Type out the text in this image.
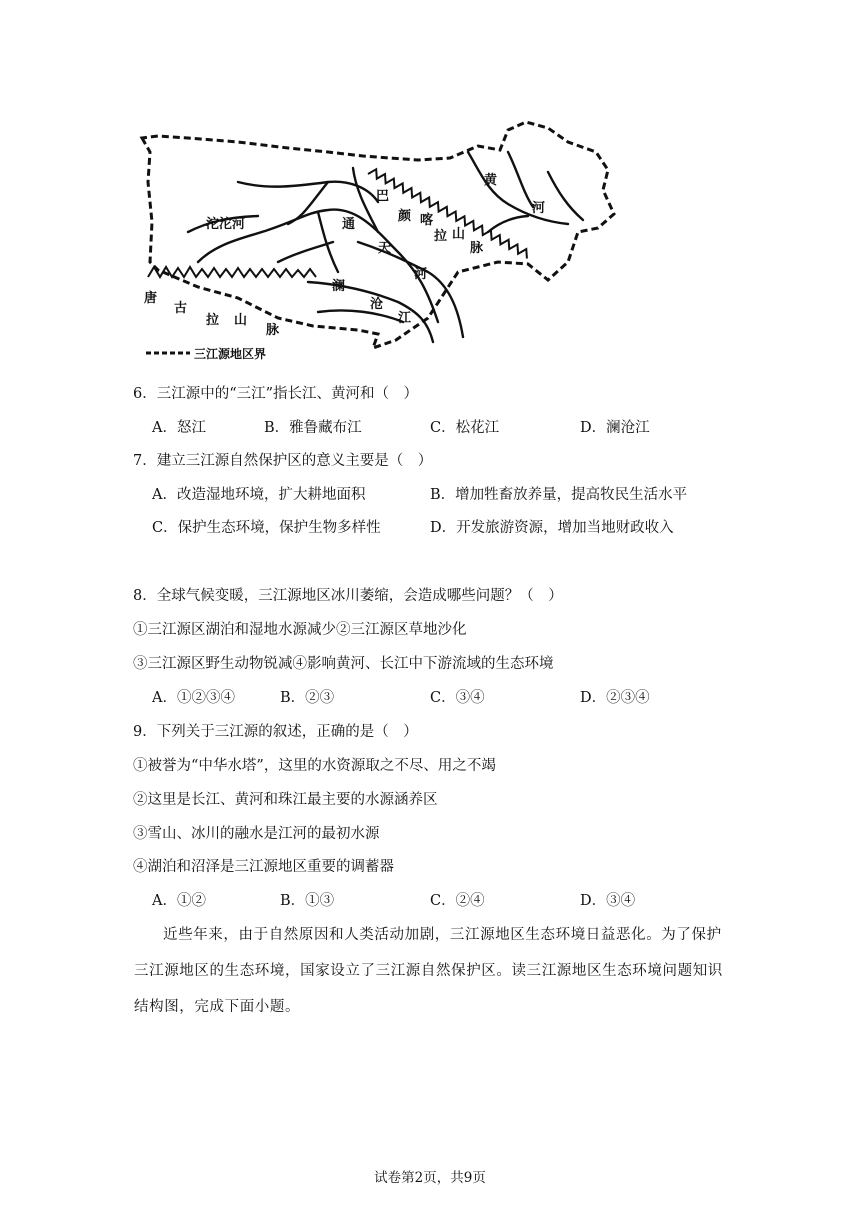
沱沱河	通
天
河
黄
河
巴
颜 喀
拉 山
脉
澜
沧
江
唐
古
拉 山
脉
三江源地区界
6．三江源中的“三江”指长江、黄河和（　）
A．怒江	B．雅鲁藏布江	C．松花江	D．澜沧江
7．建立三江源自然保护区的意义主要是（　）
A．改造湿地环境，扩大耕地面积	B．增加牲畜放养量，提高牧民生活水平
C．保护生态环境，保护生物多样性	D．开发旅游资源，增加当地财政收入
8．全球气候变暖，三江源地区冰川萎缩，会造成哪些问题？（　）
①三江源区湖泊和湿地水源减少②三江源区草地沙化
③三江源区野生动物锐减④影响黄河、长江中下游流域的生态环境
A．①②③④	B．②③	C．③④	D．②③④
9．下列关于三江源的叙述，正确的是（　）
①被誉为“中华水塔”，这里的水资源取之不尽、用之不竭
②这里是长江、黄河和珠江最主要的水源涵养区
③雪山、冰川的融水是江河的最初水源
④湖泊和沼泽是三江源地区重要的调蓄器
A．①②	B．①③	C．②④	D．③④
近些年来，由于自然原因和人类活动加剧，三江源地区生态环境日益恶化。为了保护三江源地区的生态环境，国家设立了三江源自然保护区。读三江源地区生态环境问题知识结构图，完成下面小题。
试卷第2页，共9页
